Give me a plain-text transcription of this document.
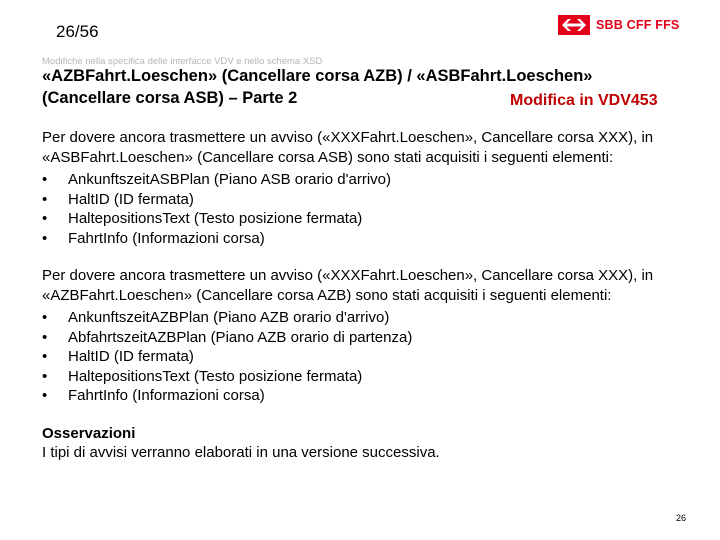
26/56	SBB CFF FFS
Modifiche nella specifica delle interfacce VDV e nello schema XSD
«AZBFahrt.Loeschen» (Cancellare corsa AZB) / «ASBFahrt.Loeschen»
(Cancellare corsa ASB) – Parte 2	Modifica in VDV453
Per dovere ancora trasmettere un avviso («XXXFahrt.Loeschen», Cancellare corsa XXX), in «ASBFahrt.Loeschen» (Cancellare corsa ASB) sono stati acquisiti i seguenti elementi:
• AnkunftszeitASBPlan (Piano ASB orario d'arrivo)
• HaltID (ID fermata)
• HaltepositionsText (Testo posizione fermata)
• FahrtInfo (Informazioni corsa)
Per dovere ancora trasmettere un avviso («XXXFahrt.Loeschen», Cancellare corsa XXX), in «AZBFahrt.Loeschen» (Cancellare corsa AZB) sono stati acquisiti i seguenti elementi:
• AnkunftszeitAZBPlan (Piano AZB orario d'arrivo)
• AbfahrtszeitAZBPlan (Piano AZB orario di partenza)
• HaltID (ID fermata)
• HaltepositionsText (Testo posizione fermata)
• FahrtInfo (Informazioni corsa)
Osservazioni
I tipi di avvisi verranno elaborati in una versione successiva.
26
